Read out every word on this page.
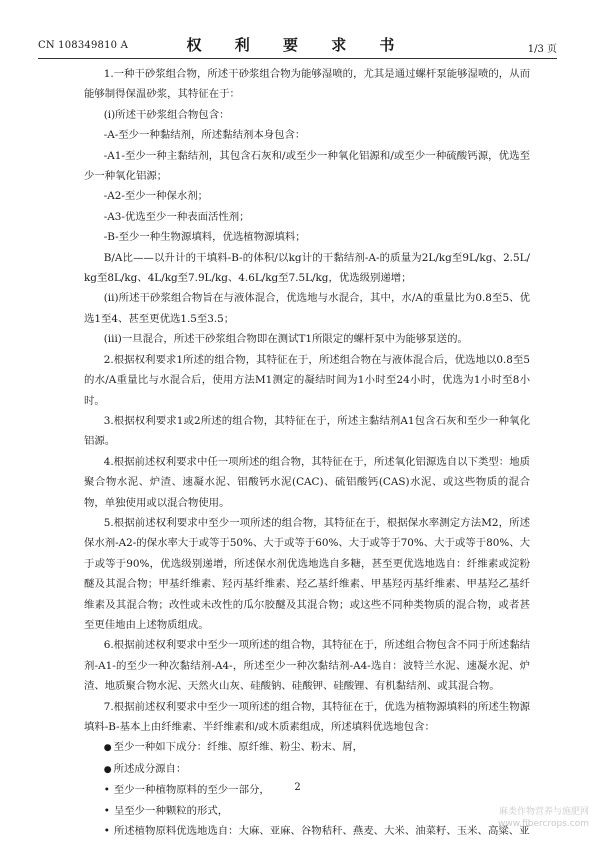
CN 108349810 A	权 利 要 求 书	1/3 页

1.一种干砂浆组合物，所述干砂浆组合物为能够湿喷的，尤其是通过螺杆泵能够湿喷的，从而能够制得保温砂浆，其特征在于：

(i)所述干砂浆组合物包含：

-A-至少一种黏结剂，所述黏结剂本身包含：

-A1-至少一种主黏结剂，其包含石灰和/或至少一种氧化铝源和/或至少一种硫酸钙源，优选至少一种氧化铝源；

-A2-至少一种保水剂；

-A3-优选至少一种表面活性剂；

-B-至少一种生物源填料，优选植物源填料；

B/A比——以升计的干填料-B-的体积/以kg计的干黏结剂-A-的质量为2L/kg至9L/kg、2.5L/kg至8L/kg、4L/kg至7.9L/kg、4.6L/kg至7.5L/kg，优选级别递增；

(ii)所述干砂浆组合物旨在与液体混合，优选地与水混合，其中，水/A的重量比为0.8至5、优选1至4、甚至更优选1.5至3.5；

(iii)一旦混合，所述干砂浆组合物即在测试T1所限定的螺杆泵中为能够泵送的。

2.根据权利要求1所述的组合物，其特征在于，所述组合物在与液体混合后，优选地以0.8至5的水/A重量比与水混合后，使用方法M1测定的凝结时间为1小时至24小时，优选为1小时至8小时。

3.根据权利要求1或2所述的组合物，其特征在于，所述主黏结剂A1包含石灰和至少一种氧化铝源。

4.根据前述权利要求中任一项所述的组合物，其特征在于，所述氧化铝源选自以下类型：地质聚合物水泥、炉渣、速凝水泥、铝酸钙水泥(CAC)、硫铝酸钙(CAS)水泥、或这些物质的混合物，单独使用或以混合物使用。

5.根据前述权利要求中至少一项所述的组合物，其特征在于，根据保水率测定方法M2，所述保水剂-A2-的保水率大于或等于50%、大于或等于60%、大于或等于70%、大于或等于80%、大于或等于90%，优选级别递增，所述保水剂优选地选自多糖，甚至更优选地选自：纤维素或淀粉醚及其混合物；甲基纤维素、羟丙基纤维素、羟乙基纤维素、甲基羟丙基纤维素、甲基羟乙基纤维素及其混合物；改性或未改性的瓜尔胶醚及其混合物；或这些不同种类物质的混合物，或者甚至更佳地由上述物质组成。

6.根据前述权利要求中至少一项所述的组合物，其特征在于，所述组合物包含不同于所述黏结剂-A1-的至少一种次黏结剂-A4-，所述至少一种次黏结剂-A4-选自：波特兰水泥、速凝水泥、炉渣、地质聚合物水泥、天然火山灰、硅酸钠、硅酸钾、硅酸锂、有机黏结剂、或其混合物。

7.根据前述权利要求中至少一项所述的组合物，其特征在于，优选为植物源填料的所述生物源填料-B-基本上由纤维素、半纤维素和/或木质素组成，所述填料优选地包含：

● 至少一种如下成分：纤维、原纤维、粉尘、粉末、屑，

● 所述成分源自：

• 至少一种植物原料的至少一部分，

• 呈至少一种颗粒的形式，

• 所述植物原料优选地选自：大麻、亚麻、谷物秸秆、燕麦、大米、油菜籽、玉米、高粱、亚

2
麻类作物营养与施肥网
www.fibercrops.com
